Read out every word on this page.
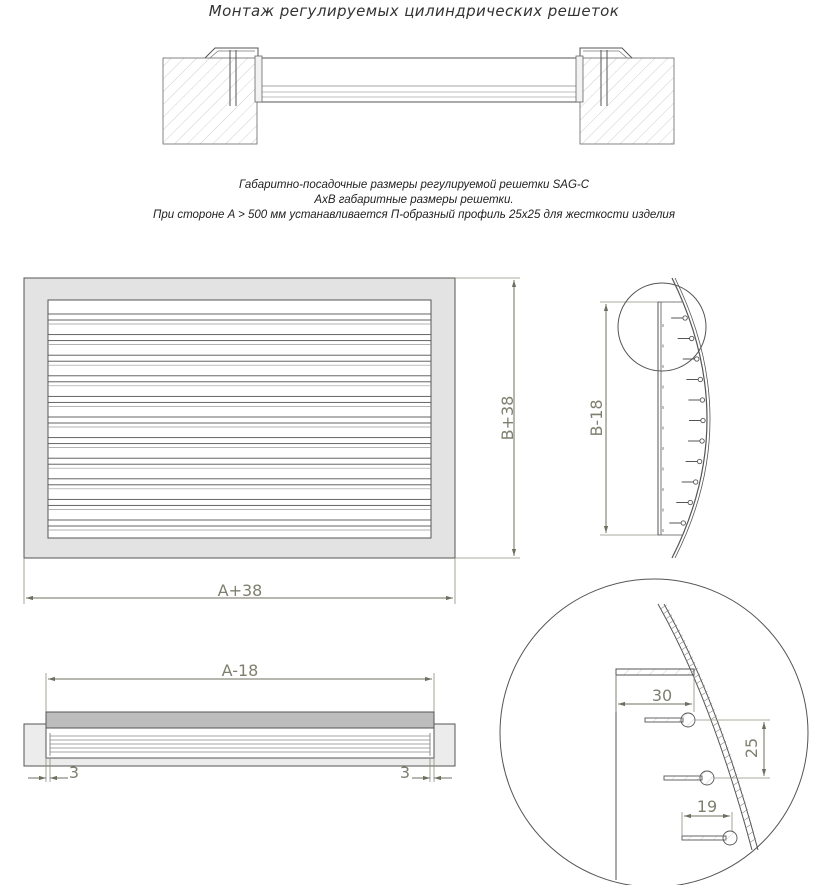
Монтаж регулируемых цилиндрических решеток
B+38
A+38
B-18
A-18
3	3
30
25
19
Габаритно-посадочные размеры регулируемой решетки SAG-C
AxB габаритные размеры решетки.
При стороне A > 500 мм устанавливается П-образный профиль 25x25 для жесткости изделия
